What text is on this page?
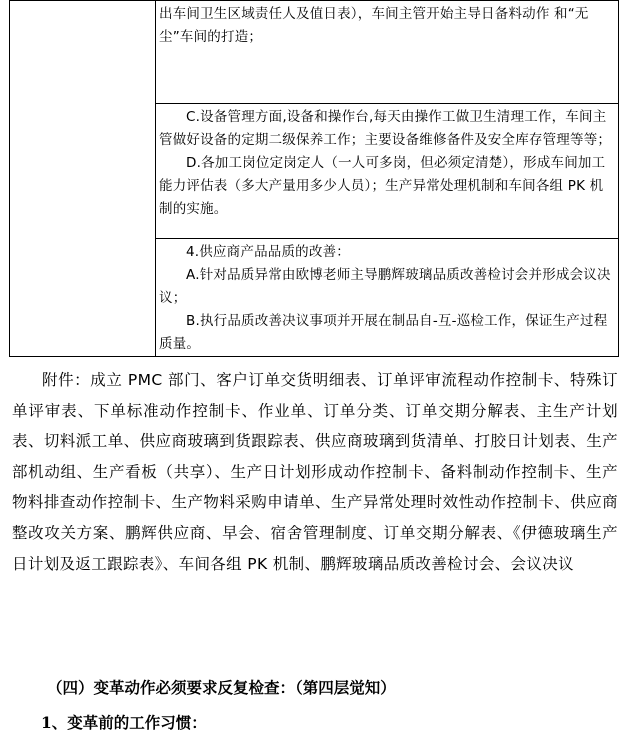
出车间卫生区域责任人及值日表），车间主管开始主导日备料动作 和“无尘”车间的打造；

C.设备管理方面,设备和操作台,每天由操作工做卫生清理工作，车间主管做好设备的定期二级保养工作；主要设备维修备件及安全库存管理等等；
D.各加工岗位定岗定人（一人可多岗，但必须定清楚），形成车间加工能力评估表（多大产量用多少人员）；生产异常处理机制和车间各组 PK 机制的实施。

4.供应商产品品质的改善：
A.针对品质异常由欧博老师主导鹏辉玻璃品质改善检讨会并形成会议决议；
B.执行品质改善决议事项并开展在制品自-互-巡检工作，保证生产过程质量。
附件：成立 PMC 部门、客户订单交货明细表、订单评审流程动作控制卡、特殊订单评审表、下单标准动作控制卡、作业单、订单分类、订单交期分解表、主生产计划表、切料派工单、供应商玻璃到货跟踪表、供应商玻璃到货清单、打胶日计划表、生产部机动组、生产看板（共享）、生产日计划形成动作控制卡、备料制动作控制卡、生产物料排查动作控制卡、生产物料采购申请单、生产异常处理时效性动作控制卡、供应商整改攻关方案、鹏辉供应商、早会、宿舍管理制度、订单交期分解表、《伊德玻璃生产日计划及返工跟踪表》、车间各组 PK 机制、鹏辉玻璃品质改善检讨会、会议决议
（四）变革动作必须要求反复检查：（第四层觉知）
1、变革前的工作习惯：
